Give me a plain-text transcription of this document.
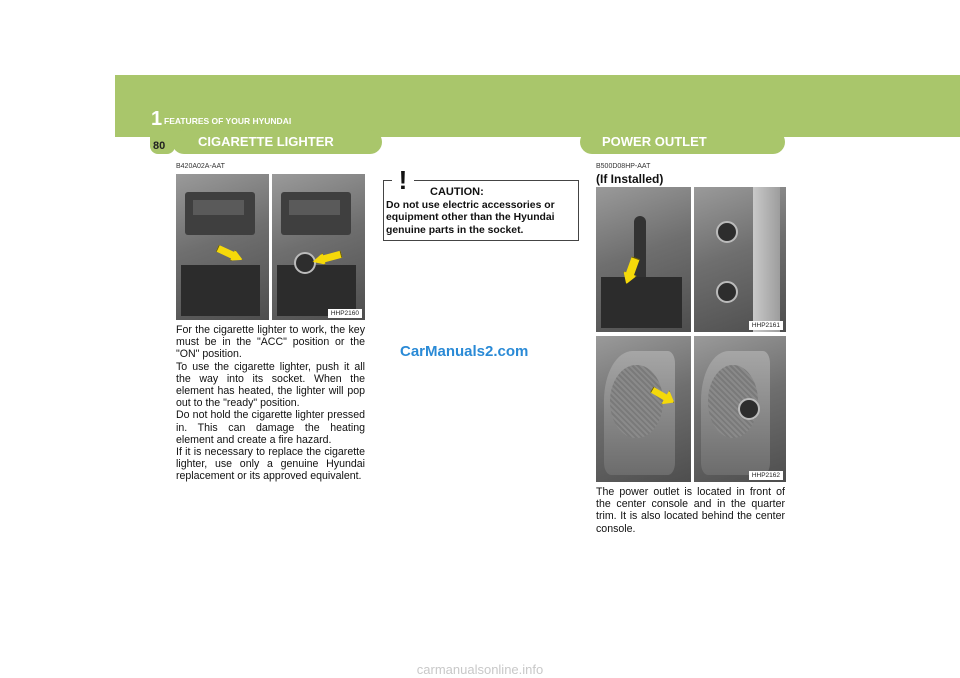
1 FEATURES OF YOUR HYUNDAI
80	CIGARETTE LIGHTER	POWER OUTLET
B420A02A-AAT
HHP2160

For the cigarette lighter to work, the key must be in the "ACC" position or the "ON" position.

To use the cigarette lighter, push it all the way into its socket. When the element has heated, the lighter will pop out to the "ready" position.

Do not hold the cigarette lighter pressed in. This can damage the heating element and create a fire hazard.

If it is necessary to replace the cigarette lighter, use only a genuine Hyundai replacement or its approved equivalent.

!	CAUTION:
Do not use electric accessories or equipment other than the Hyundai genuine parts in the socket.
CarManuals2.com
B500D08HP-AAT
(If Installed)
HHP2161
HHP2162
The power outlet is located in front of the center console and in the quarter trim. It is also located behind the center console.
carmanualsonline.info
